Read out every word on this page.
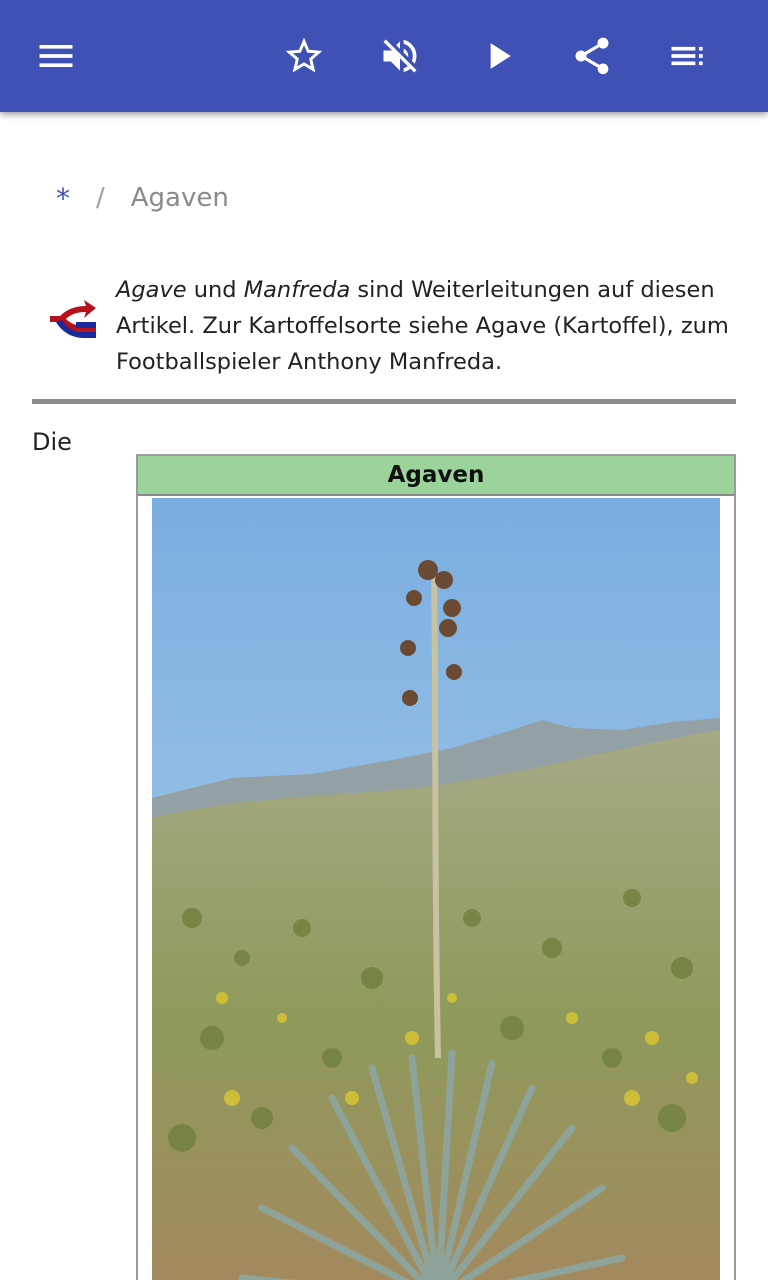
* / Agaven
Agave und Manfreda sind Weiterleitungen auf diesen Artikel. Zur Kartoffelsorte siehe Agave (Kartoffel), zum Footballspieler Anthony Manfreda.
Die
Agaven
